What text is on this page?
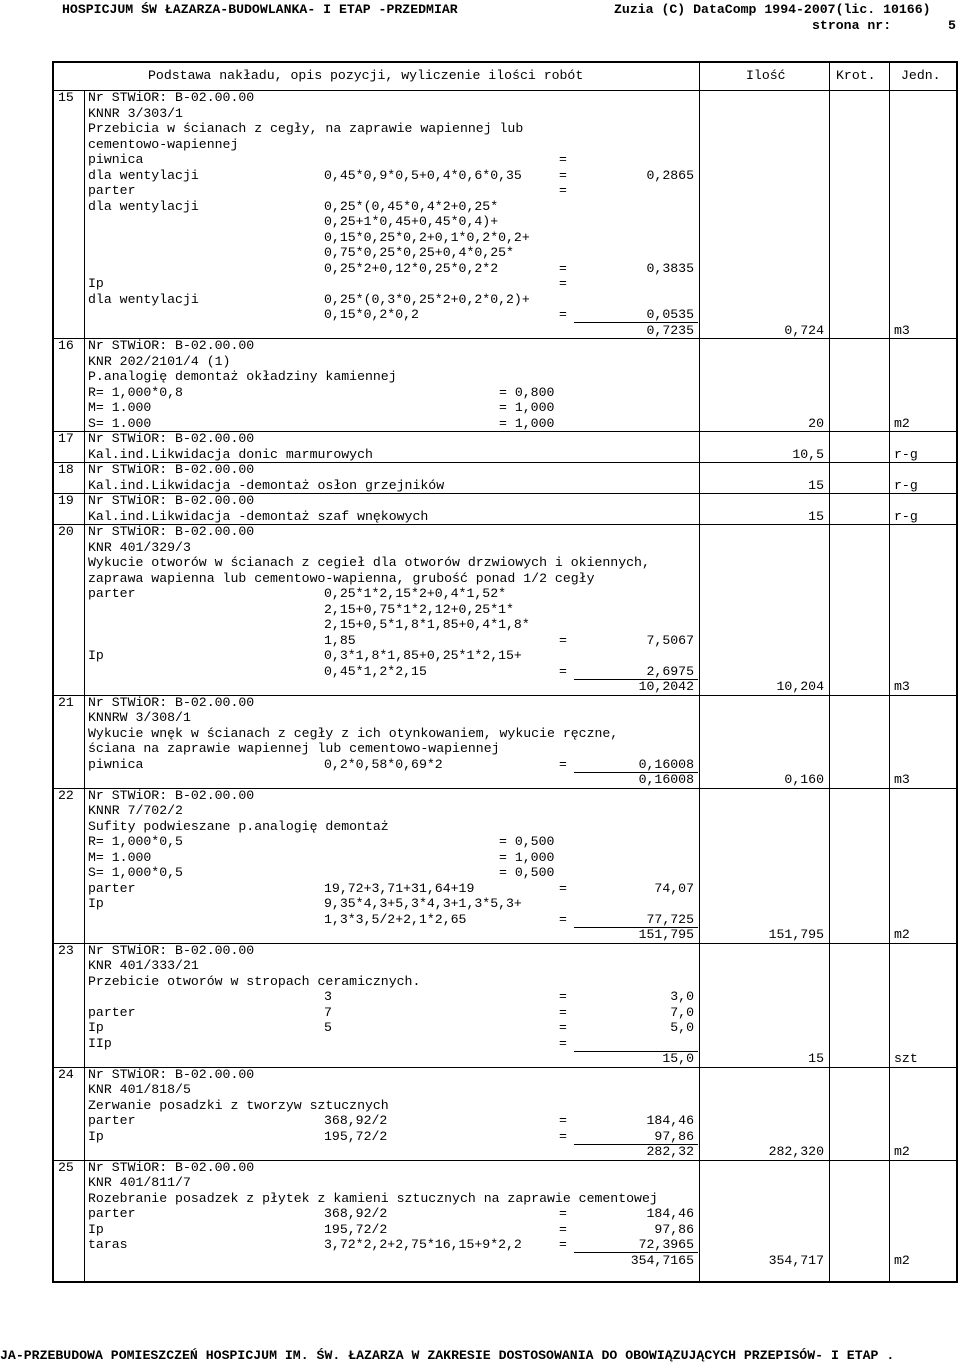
HOSPICJUM ŚW ŁAZARZA-BUDOWLANKA- I ETAP -PRZEDMIAR	Zuzia (C) DataComp 1994-2007(lic. 10166)
strona nr:	5
Podstawa nakładu, opis pozycji, wyliczenie ilości robót	Ilość	Krot. Jedn.
15 Nr STWiOR: B-02.00.00
KNNR 3/303/1
Przebicia w ścianach z cegły, na zaprawie wapiennej lub
cementowo-wapiennej
piwnica	=
dla wentylacji	0,45*0,9*0,5+0,4*0,6*0,35	=	0,2865
parter	=
dla wentylacji	0,25*(0,45*0,4*2+0,25*
0,25+1*0,45+0,45*0,4)+
0,15*0,25*0,2+0,1*0,2*0,2+
0,75*0,25*0,25+0,4*0,25*
0,25*2+0,12*0,25*0,2*2	=	0,3835
Ip	=
dla wentylacji	0,25*(0,3*0,25*2+0,2*0,2)+
0,15*0,2*0,2	=	0,0535
0,7235	0,724	m3
16 Nr STWiOR: B-02.00.00
KNR 202/2101/4 (1)
P.analogię demontaż okładziny kamiennej
R= 1,000*0,8	= 0,800
M= 1.000	= 1,000
S= 1.000	= 1,000	20	m2
17 Nr STWiOR: B-02.00.00
Kal.ind.Likwidacja donic marmurowych	10,5	r-g
18 Nr STWiOR: B-02.00.00
Kal.ind.Likwidacja -demontaż osłon grzejników	15	r-g
19 Nr STWiOR: B-02.00.00
Kal.ind.Likwidacja -demontaż szaf wnękowych	15	r-g
20 Nr STWiOR: B-02.00.00
KNR 401/329/3
Wykucie otworów w ścianach z cegieł dla otworów drzwiowych i okiennych,
zaprawa wapienna lub cementowo-wapienna, grubość ponad 1/2 cegły
parter	0,25*1*2,15*2+0,4*1,52*
2,15+0,75*1*2,12+0,25*1*
2,15+0,5*1,8*1,85+0,4*1,8*
1,85	=	7,5067
Ip	0,3*1,8*1,85+0,25*1*2,15+
0,45*1,2*2,15	=	2,6975
10,2042	10,204	m3
21 Nr STWiOR: B-02.00.00
KNNRW 3/308/1
Wykucie wnęk w ścianach z cegły z ich otynkowaniem, wykucie ręczne,
ściana na zaprawie wapiennej lub cementowo-wapiennej
piwnica	0,2*0,58*0,69*2	=	0,16008
0,16008	0,160	m3
22 Nr STWiOR: B-02.00.00
KNNR 7/702/2
Sufity podwieszane p.analogię demontaż
R= 1,000*0,5	= 0,500
M= 1.000	= 1,000
S= 1,000*0,5	= 0,500
parter	19,72+3,71+31,64+19	=	74,07
Ip	9,35*4,3+5,3*4,3+1,3*5,3+
1,3*3,5/2+2,1*2,65	=	77,725
151,795	151,795	m2
23 Nr STWiOR: B-02.00.00
KNR 401/333/21
Przebicie otworów w stropach ceramicznych.
3	=	3,0
parter	7	=	7,0
Ip	5	=	5,0
IIp	=
15,0	15	szt
24 Nr STWiOR: B-02.00.00
KNR 401/818/5
Zerwanie posadzki z tworzyw sztucznych
parter	368,92/2	=	184,46
Ip	195,72/2	=	97,86
282,32	282,320	m2
25 Nr STWiOR: B-02.00.00
KNR 401/811/7
Rozebranie posadzek z płytek z kamieni sztucznych na zaprawie cementowej
parter	368,92/2	=	184,46
Ip	195,72/2	=	97,86
taras	3,72*2,2+2,75*16,15+9*2,2	=	72,3965
354,7165	354,717	m2
JA-PRZEBUDOWA POMIESZCZEŃ HOSPICJUM IM. ŚW. ŁAZARZA W ZAKRESIE DOSTOSOWANIA DO OBOWIĄZUJĄCYCH PRZEPISÓW- I ETAP .
